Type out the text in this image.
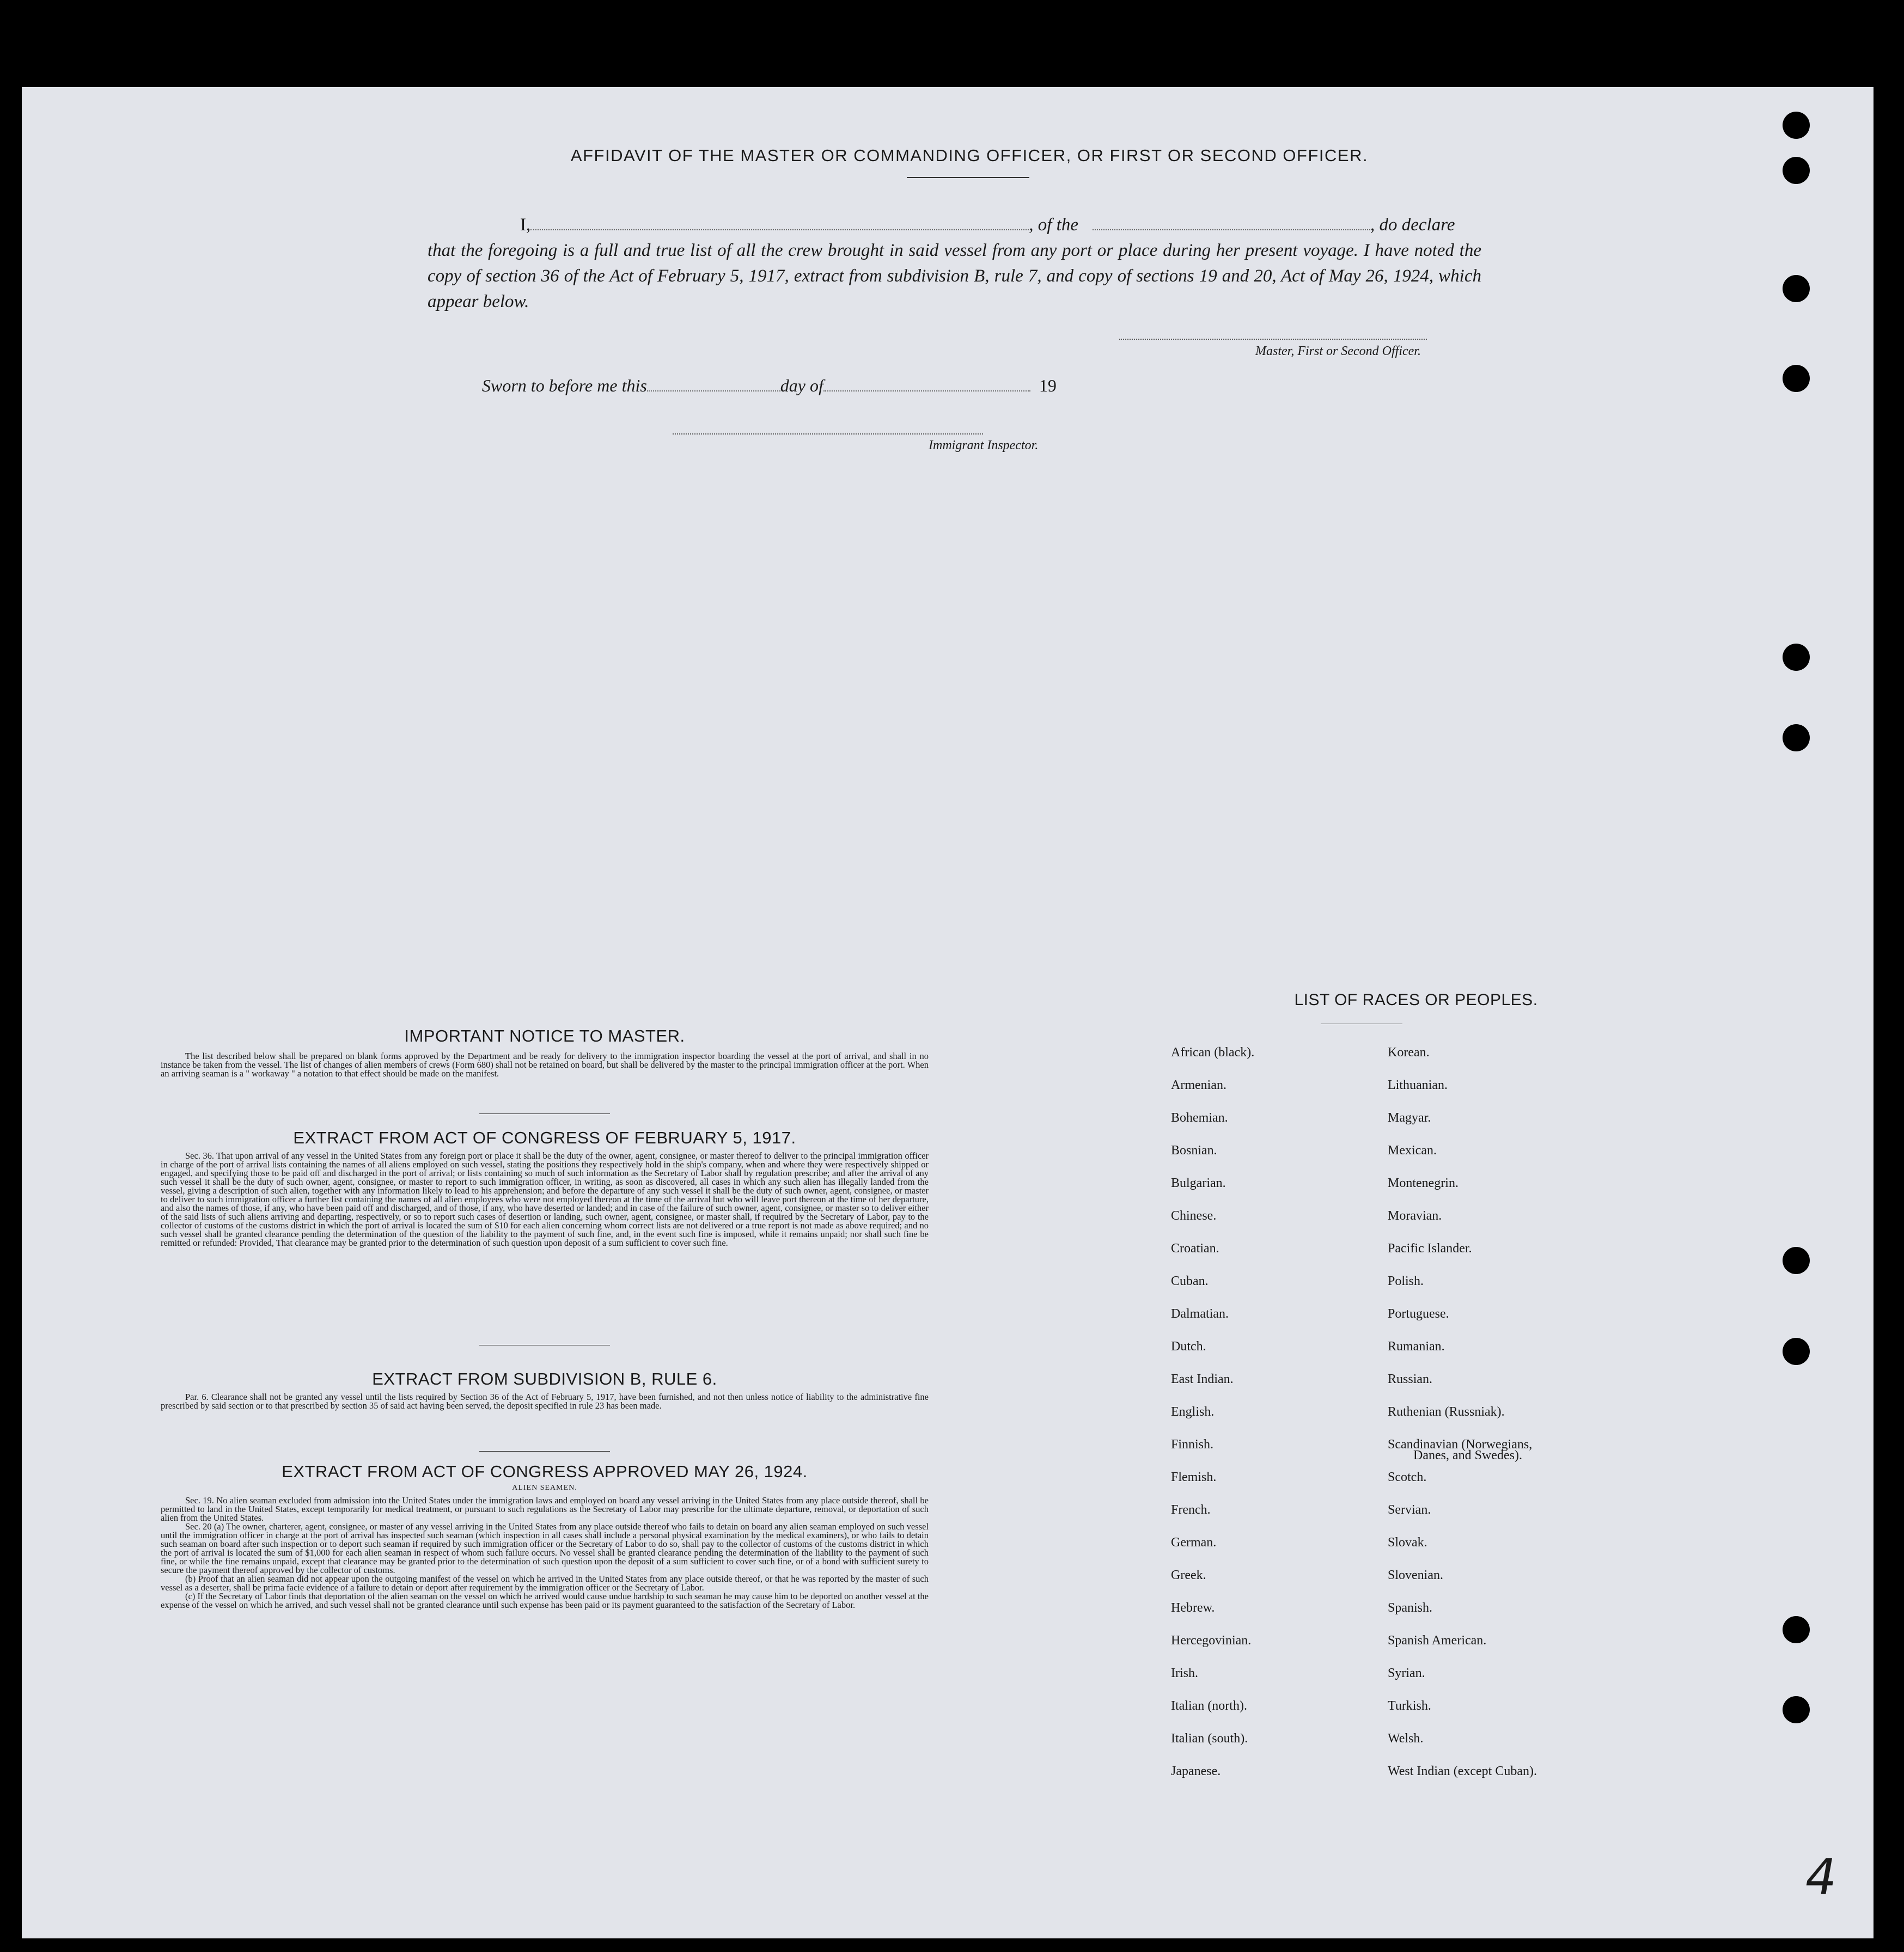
AFFIDAVIT OF THE MASTER OR COMMANDING OFFICER, OR FIRST OR SECOND OFFICER.
I,	, of the	, do declare
that the foregoing is a full and true list of all the crew brought in said vessel from any port or place during her present voyage. I have noted the copy of section 36 of the Act of February 5, 1917, extract from subdivision B, rule 7, and copy of sections 19 and 20, Act of May 26, 1924, which appear below.
Master, First or Second Officer.
Sworn to before me this	day of	19
Immigrant Inspector.
IMPORTANT NOTICE TO MASTER.

The list described below shall be prepared on blank forms approved by the Department and be ready for delivery to the immigration inspector boarding the vessel at the port of arrival, and shall in no instance be taken from the vessel. The list of changes of alien members of crews (Form 680) shall not be retained on board, but shall be delivered by the master to the principal immigration officer at the port. When an arriving seaman is a " workaway " a notation to that effect should be made on the manifest.

EXTRACT FROM ACT OF CONGRESS OF FEBRUARY 5, 1917.

Sec. 36. That upon arrival of any vessel in the United States from any foreign port or place it shall be the duty of the owner, agent, consignee, or master thereof to deliver to the principal immigration officer in charge of the port of arrival lists containing the names of all aliens employed on such vessel, stating the positions they respectively hold in the ship's company, when and where they were respectively shipped or engaged, and specifying those to be paid off and discharged in the port of arrival; or lists containing so much of such information as the Secretary of Labor shall by regulation prescribe; and after the arrival of any such vessel it shall be the duty of such owner, agent, consignee, or master to report to such immigration officer, in writing, as soon as discovered, all cases in which any such alien has illegally landed from the vessel, giving a description of such alien, together with any information likely to lead to his apprehension; and before the departure of any such vessel it shall be the duty of such owner, agent, consignee, or master to deliver to such immigration officer a further list containing the names of all alien employees who were not employed thereon at the time of the arrival but who will leave port thereon at the time of her departure, and also the names of those, if any, who have been paid off and discharged, and of those, if any, who have deserted or landed; and in case of the failure of such owner, agent, consignee, or master so to deliver either of the said lists of such aliens arriving and departing, respectively, or so to report such cases of desertion or landing, such owner, agent, consignee, or master shall, if required by the Secretary of Labor, pay to the collector of customs of the customs district in which the port of arrival is located the sum of $10 for each alien concerning whom correct lists are not delivered or a true report is not made as above required; and no such vessel shall be granted clearance pending the determination of the question of the liability to the payment of such fine, and, in the event such fine is imposed, while it remains unpaid; nor shall such fine be remitted or refunded: Provided, That clearance may be granted prior to the determination of such question upon deposit of a sum sufficient to cover such fine.

EXTRACT FROM SUBDIVISION B, RULE 6.

Par. 6. Clearance shall not be granted any vessel until the lists required by Section 36 of the Act of February 5, 1917, have been furnished, and not then unless notice of liability to the administrative fine prescribed by said section or to that prescribed by section 35 of said act having been served, the deposit specified in rule 23 has been made.

EXTRACT FROM ACT OF CONGRESS APPROVED MAY 26, 1924.
ALIEN SEAMEN.

Sec. 19. No alien seaman excluded from admission into the United States under the immigration laws and employed on board any vessel arriving in the United States from any place outside thereof, shall be permitted to land in the United States, except temporarily for medical treatment, or pursuant to such regulations as the Secretary of Labor may prescribe for the ultimate departure, removal, or deportation of such alien from the United States.

Sec. 20 (a) The owner, charterer, agent, consignee, or master of any vessel arriving in the United States from any place outside thereof who fails to detain on board any alien seaman employed on such vessel until the immigration officer in charge at the port of arrival has inspected such seaman (which inspection in all cases shall include a personal physical examination by the medical examiners), or who fails to detain such seaman on board after such inspection or to deport such seaman if required by such immigration officer or the Secretary of Labor to do so, shall pay to the collector of customs of the customs district in which the port of arrival is located the sum of $1,000 for each alien seaman in respect of whom such failure occurs. No vessel shall be granted clearance pending the determination of the liability to the payment of such fine, or while the fine remains unpaid, except that clearance may be granted prior to the determination of such question upon the deposit of a sum sufficient to cover such fine, or of a bond with sufficient surety to secure the payment thereof approved by the collector of customs.

(b) Proof that an alien seaman did not appear upon the outgoing manifest of the vessel on which he arrived in the United States from any place outside thereof, or that he was reported by the master of such vessel as a deserter, shall be prima facie evidence of a failure to detain or deport after requirement by the immigration officer or the Secretary of Labor.

(c) If the Secretary of Labor finds that deportation of the alien seaman on the vessel on which he arrived would cause undue hardship to such seaman he may cause him to be deported on another vessel at the expense of the vessel on which he arrived, and such vessel shall not be granted clearance until such expense has been paid or its payment guaranteed to the satisfaction of the Secretary of Labor.

LIST OF RACES OR PEOPLES.
African (black).
Armenian.
Bohemian.
Bosnian.
Bulgarian.
Chinese.
Croatian.
Cuban.
Dalmatian.
Dutch.
East Indian.
English.
Finnish.
Flemish.
French.
German.
Greek.
Hebrew.
Hercegovinian.
Irish.
Italian (north).
Italian (south).
Japanese.
Korean.
Lithuanian.
Magyar.
Mexican.
Montenegrin.
Moravian.
Pacific Islander.
Polish.
Portuguese.
Rumanian.
Russian.
Ruthenian (Russniak).
Scandinavian (Norwegians,
Scotch.
Servian.
Slovak.
Slovenian.
Spanish.
Spanish American.
Syrian.
Turkish.
Welsh.
West Indian (except Cuban).
Danes, and Swedes).
4
